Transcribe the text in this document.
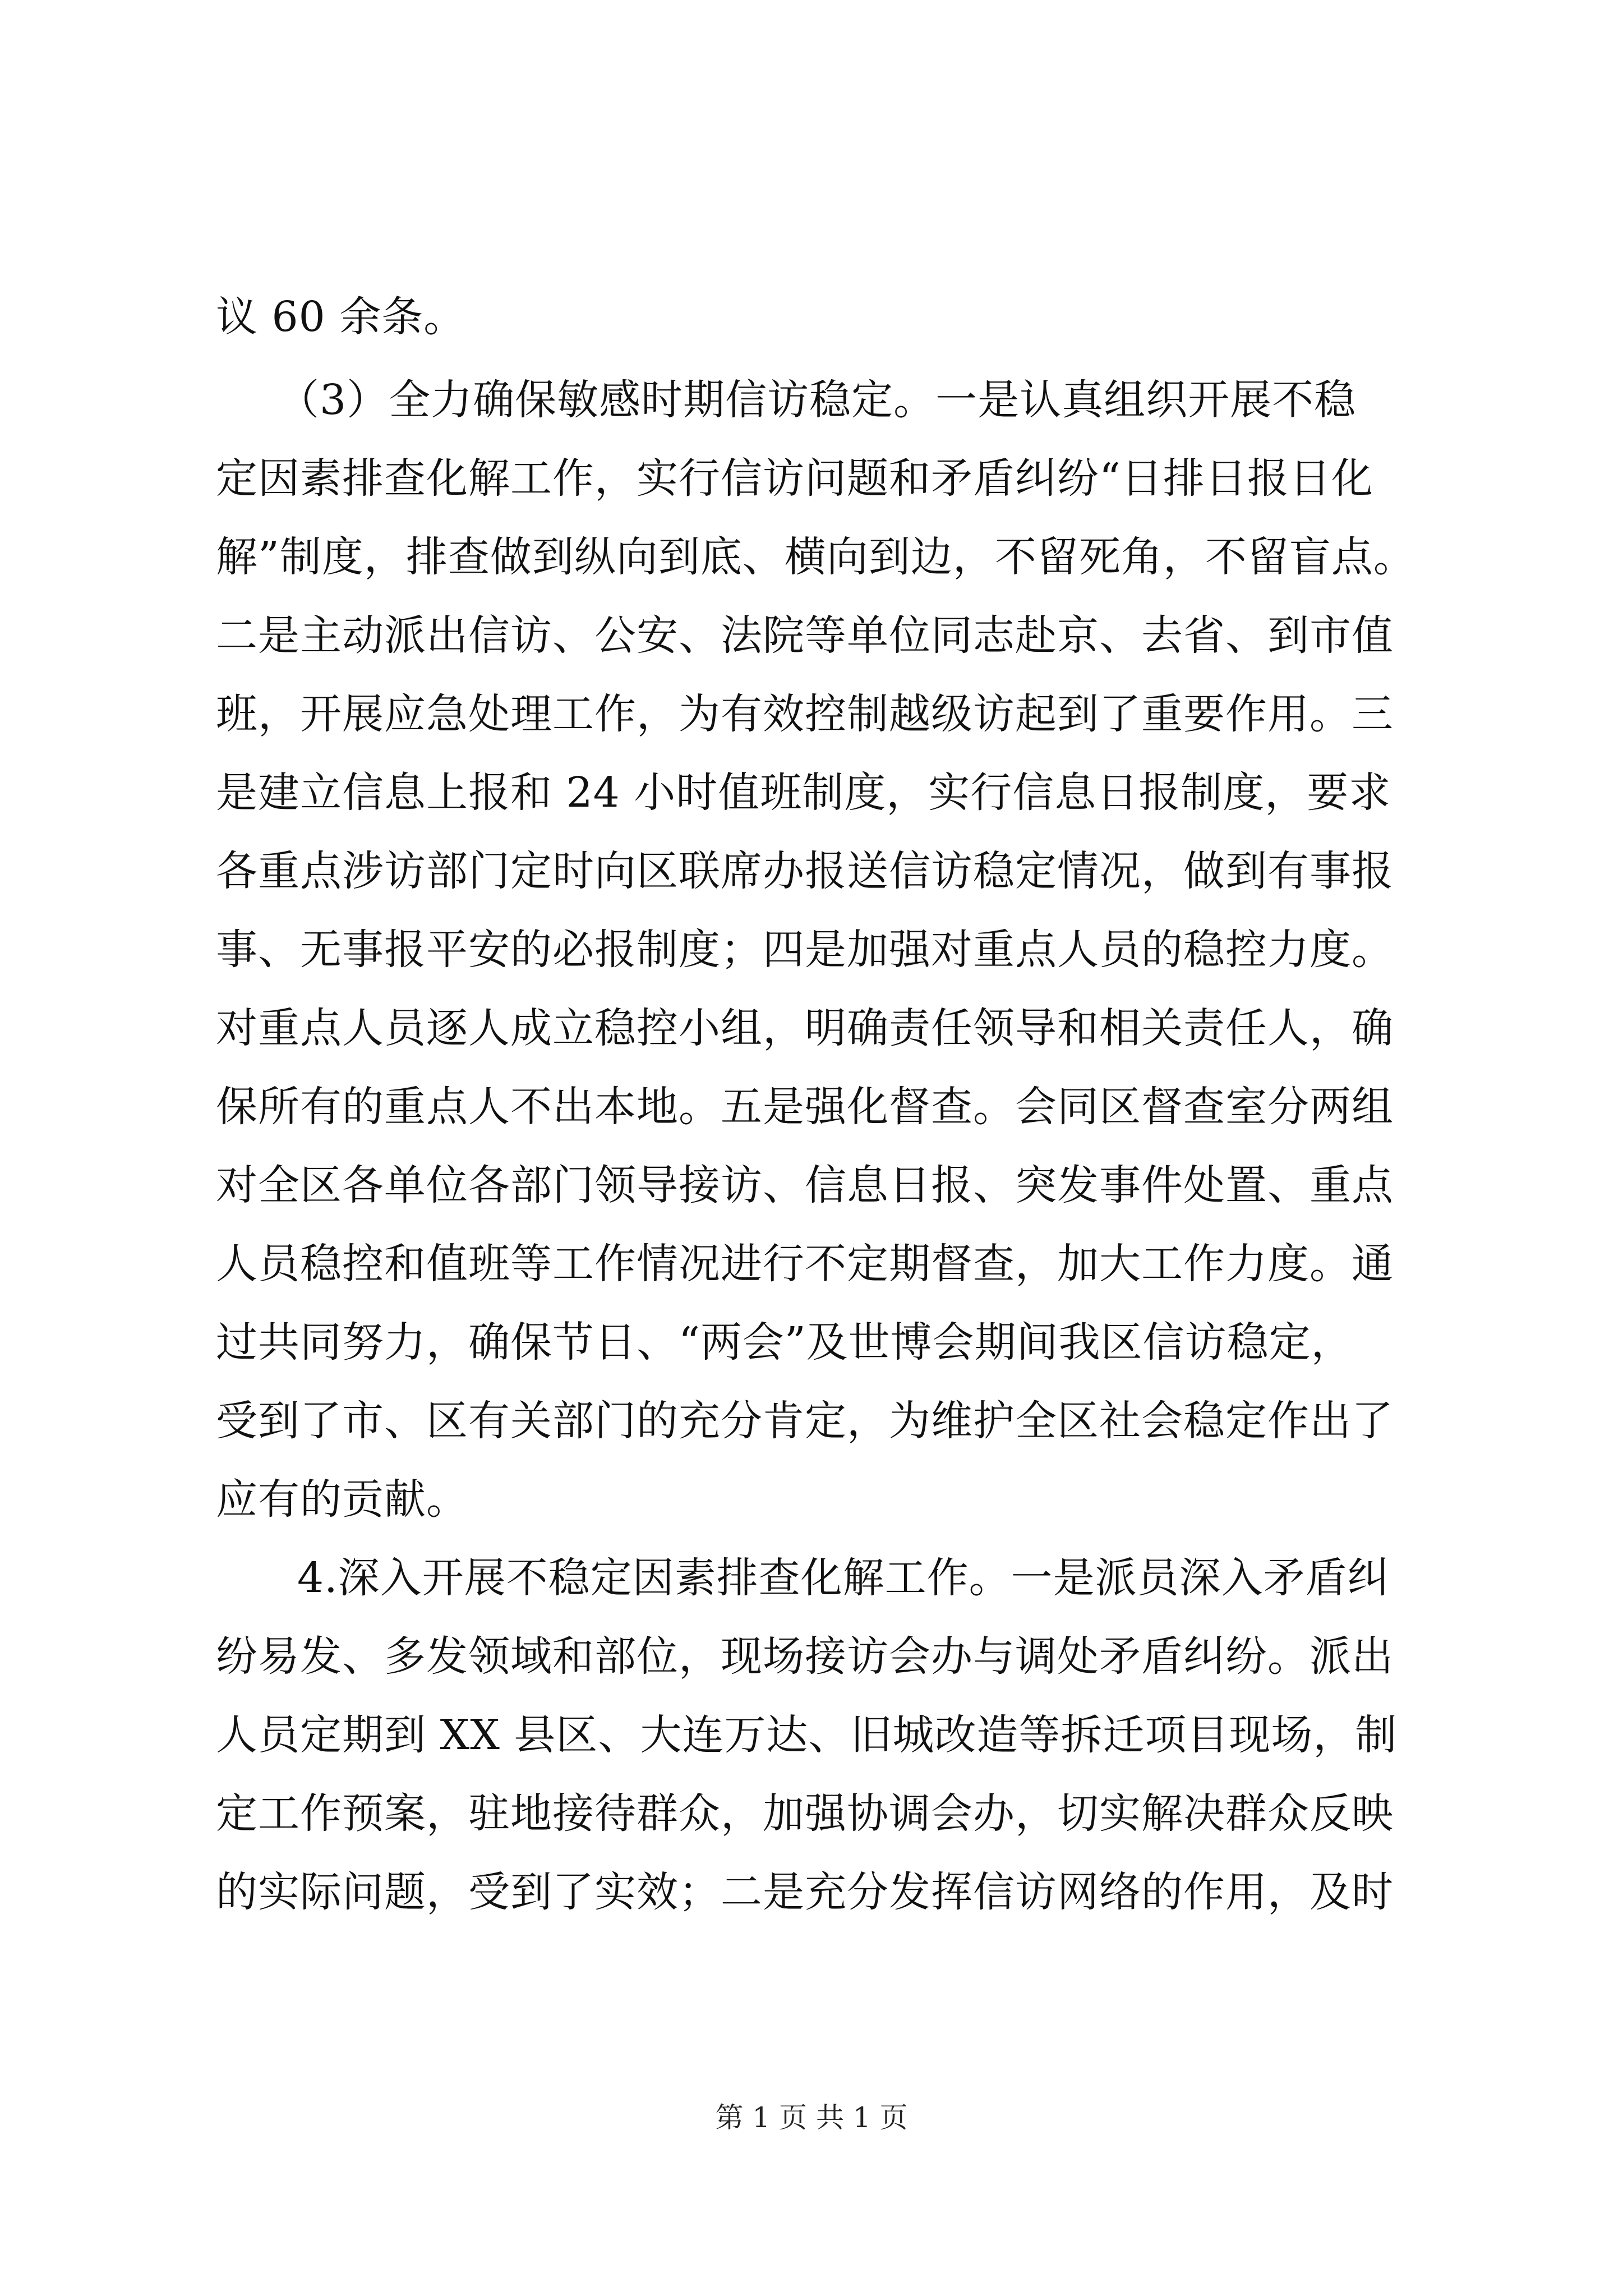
议 60 余条。
（3）全力确保敏感时期信访稳定。一是认真组织开展不稳
定因素排查化解工作，实行信访问题和矛盾纠纷“日排日报日化
解”制度，排查做到纵向到底、横向到边，不留死角，不留盲点。
二是主动派出信访、公安、法院等单位同志赴京、去省、到市值
班，开展应急处理工作，为有效控制越级访起到了重要作用。三
是建立信息上报和 24 小时值班制度，实行信息日报制度，要求
各重点涉访部门定时向区联席办报送信访稳定情况，做到有事报
事、无事报平安的必报制度；四是加强对重点人员的稳控力度。
对重点人员逐人成立稳控小组，明确责任领导和相关责任人，确
保所有的重点人不出本地。五是强化督查。会同区督查室分两组
对全区各单位各部门领导接访、信息日报、突发事件处置、重点
人员稳控和值班等工作情况进行不定期督查，加大工作力度。通
过共同努力，确保节日、“两会”及世博会期间我区信访稳定，
受到了市、区有关部门的充分肯定，为维护全区社会稳定作出了
应有的贡献。
4.深入开展不稳定因素排查化解工作。一是派员深入矛盾纠
纷易发、多发领域和部位，现场接访会办与调处矛盾纠纷。派出
人员定期到 XX 县区、大连万达、旧城改造等拆迁项目现场，制
定工作预案，驻地接待群众，加强协调会办，切实解决群众反映
的实际问题，受到了实效；二是充分发挥信访网络的作用，及时
第 1 页 共 1 页
